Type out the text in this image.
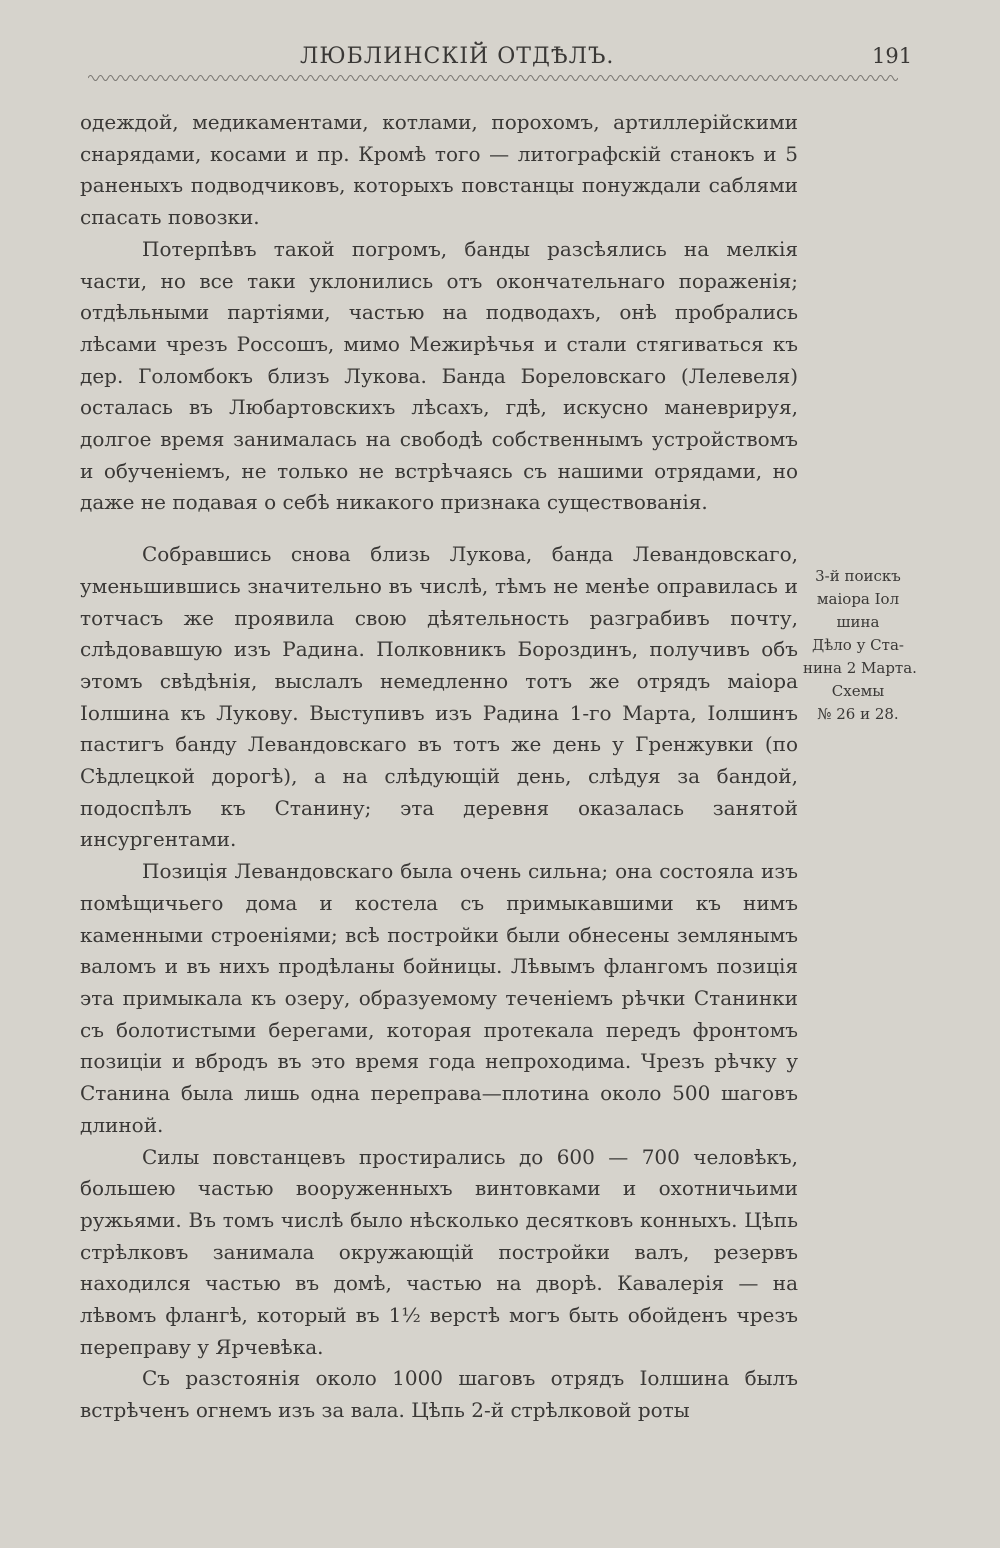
ЛЮБЛИНСКІЙ ОТДѢЛЪ.	191

одеждой, медикаментами, котлами, порохомъ, артиллерійскими снарядами, косами и пр. Кромѣ того — литографскій станокъ и 5 раненыхъ подводчиковъ, которыхъ повстанцы понуждали саблями спасать повозки.

Потерпѣвъ такой погромъ, банды разсѣялись на мелкія части, но все таки уклонились отъ окончательнаго пораженія; отдѣльными партіями, частью на подводахъ, онѣ пробрались лѣсами чрезъ Россошъ, мимо Межирѣчья и стали стягиваться къ дер. Голомбокъ близъ Лукова. Банда Бореловскаго (Лелевеля) осталась въ Любартовскихъ лѣсахъ, гдѣ, искусно маневрируя, долгое время занималась на свободѣ собственнымъ устройствомъ и обученіемъ, не только не встрѣчаясь съ нашими отрядами, но даже не подавая о себѣ никакого признака существованія.

Собравшись снова близь Лукова, банда Левандовскаго, уменьшившись значительно въ числѣ, тѣмъ не менѣе оправилась и тотчасъ же проявила свою дѣятельность разграбивъ почту, слѣдовавшую изъ Радина. Полковникъ Бороздинъ, получивъ объ этомъ свѣдѣнія, выслалъ немедленно тотъ же отрядъ маіора Іолшина къ Лукову. Выступивъ изъ Радина 1-го Марта, Іолшинъ пастигъ банду Левандовскаго въ тотъ же день у Гренжувки (по Сѣдлецкой дорогѣ), а на слѣдующій день, слѣдуя за бандой, подоспѣлъ къ Станину; эта деревня оказалась занятой инсургентами.

Позиція Левандовскаго была очень сильна; она состояла изъ помѣщичьего дома и костела съ примыкавшими къ нимъ каменными строеніями; всѣ постройки были обнесены землянымъ валомъ и въ нихъ продѣланы бойницы. Лѣвымъ флангомъ позиція эта примыкала къ озеру, образуемому теченіемъ рѣчки Станинки съ болотистыми берегами, которая протекала передъ фронтомъ позиціи и вбродъ въ это время года непроходима. Чрезъ рѣчку у Станина была лишь одна переправа—плотина около 500 шаговъ длиной.

Силы повстанцевъ простирались до 600 — 700 человѣкъ, большею частью вооруженныхъ винтовками и охотничьими ружьями. Въ томъ числѣ было нѣсколько десятковъ конныхъ. Цѣпь стрѣлковъ занимала окружающій постройки валъ, резервъ находился частью въ домѣ, частью на дворѣ. Кавалерія — на лѣвомъ флангѣ, который въ 1½ верстѣ могъ быть обойденъ чрезъ переправу у Ярчевѣка.

Съ разстоянія около 1000 шаговъ отрядъ Іолшина былъ встрѣченъ огнемъ изъ за вала. Цѣпь 2-й стрѣлковой роты

3-й поискъ
маіора Іол
шина
Дѣло у Ста-
нина 2 Марта.
Схемы
№ 26 и 28.
